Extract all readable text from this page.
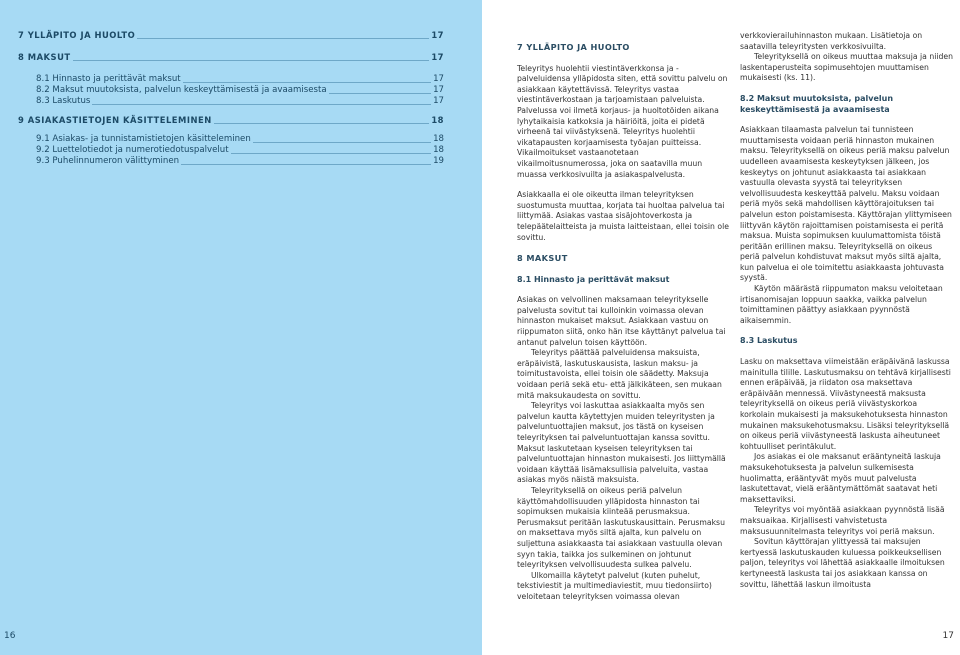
7 YLLÄPITO JA HUOLTO	17
8 MAKSUT	17
8.1 Hinnasto ja perittävät maksut	17
8.2 Maksut muutoksista, palvelun keskeyttämisestä ja avaamisesta	17
8.3 Laskutus	17
9 ASIAKASTIETOJEN KÄSITTELEMINEN	18
9.1 Asiakas- ja tunnistamistietojen käsitteleminen	18
9.2 Luettelotiedot ja numerotiedotuspalvelut	18
9.3 Puhelinnumeron välittyminen	19
16
7 YLLÄPITO JA HUOLTO

Teleyritys huolehtii viestintäverkkonsa ja -palveluidensa ylläpidosta siten, että sovittu palvelu on asiakkaan käytettävissä. Teleyritys vastaa viestintäverkostaan ja tarjoamistaan palveluista. Palvelussa voi ilmetä korjaus- ja huoltotöiden aikana lyhytaikaisia katkoksia ja häiriöitä, joita ei pidetä virheenä tai viivästyksenä. Teleyritys huolehtii vikatapausten korjaamisesta työajan puitteissa. Vikailmoitukset vastaanotetaan vikailmoitusnumerossa, joka on saatavilla muun muassa verkkosivuilta ja asiakaspalvelusta.

Asiakkaalla ei ole oikeutta ilman teleyrityksen suostumusta muuttaa, korjata tai huoltaa palvelua tai liittymää. Asiakas vastaa sisäjohtoverkosta ja telepäätelaitteista ja muista laitteistaan, ellei toisin ole sovittu.

8 MAKSUT
8.1 Hinnasto ja perittävät maksut

Asiakas on velvollinen maksamaan teleyritykselle palvelusta sovitut tai kulloinkin voimassa olevan hinnaston mukaiset maksut. Asiakkaan vastuu on riippumaton siitä, onko hän itse käyttänyt palvelua tai antanut palvelun toisen käyttöön.

Teleyritys päättää palveluidensa maksuista, eräpäivistä, laskutuskausista, laskun maksu- ja toimitustavoista, ellei toisin ole säädetty. Maksuja voidaan periä sekä etu- että jälkikäteen, sen mukaan mitä maksukaudesta on sovittu.

Teleyritys voi laskuttaa asiakkaalta myös sen palvelun kautta käytettyjen muiden teleyritysten ja palveluntuottajien maksut, jos tästä on kyseisen teleyrityksen tai palveluntuottajan kanssa sovittu. Maksut laskutetaan kyseisen teleyrityksen tai palveluntuottajan hinnaston mukaisesti. Jos liittymällä voidaan käyttää lisämaksullisia palveluita, vastaa asiakas myös näistä maksuista.

Teleyrityksellä on oikeus periä palvelun käyttömahdollisuuden ylläpidosta hinnaston tai sopimuksen mukaisia kiinteää perusmaksua. Perusmaksut peritään laskutuskausittain. Perusmaksu on maksettava myös siltä ajalta, kun palvelu on suljettuna asiakkaasta tai asiakkaan vastuulla olevan syyn takia, taikka jos sulkeminen on johtunut teleyrityksen velvollisuudesta sulkea palvelu.

Ulkomailla käytetyt palvelut (kuten puhelut, tekstiviestit ja multimediaviestit, muu tiedonsiirto) veloitetaan teleyrityksen voimassa olevan

verkkovierailuhinnaston mukaan. Lisätietoja on saatavilla teleyritysten verkkosivuilta.

Teleyrityksellä on oikeus muuttaa maksuja ja niiden laskentaperusteita sopimusehtojen muuttamisen mukaisesti (ks. 11).

8.2 Maksut muutoksista, palvelun keskeyttämisestä ja avaamisesta

Asiakkaan tilaamasta palvelun tai tunnisteen muuttamisesta voidaan periä hinnaston mukainen maksu. Teleyrityksellä on oikeus periä maksu palvelun uudelleen avaamisesta keskeytyksen jälkeen, jos keskeytys on johtunut asiakkaasta tai asiakkaan vastuulla olevasta syystä tai teleyrityksen velvollisuudesta keskeyttää palvelu. Maksu voidaan periä myös sekä mahdollisen käyttörajoituksen tai palvelun eston poistamisesta. Käyttörajan ylittymiseen liittyvän käytön rajoittamisen poistamisesta ei peritä maksua. Muista sopimuksen kuulumattomista töistä peritään erillinen maksu. Teleyrityksellä on oikeus periä palvelun kohdistuvat maksut myös siltä ajalta, kun palvelua ei ole toimitettu asiakkaasta johtuvasta syystä.

Käytön määrästä riippumaton maksu veloitetaan irtisanomisajan loppuun saakka, vaikka palvelun toimittaminen päättyy asiakkaan pyynnöstä aikaisemmin.

8.3 Laskutus

Lasku on maksettava viimeistään eräpäivänä laskussa mainitulla tilille. Laskutusmaksu on tehtävä kirjallisesti ennen eräpäivää, ja riidaton osa maksettava eräpäivään mennessä. Viivästyneestä maksusta teleyrityksellä on oikeus periä viivästyskorkoa korkolain mukaisesti ja maksukehotuksesta hinnaston mukainen maksukehotusmaksu. Lisäksi teleyrityksellä on oikeus periä viivästyneestä laskusta aiheutuneet kohtuulliset perintäkulut.

Jos asiakas ei ole maksanut erääntyneitä laskuja maksukehotuksesta ja palvelun sulkemisesta huolimatta, erääntyvät myös muut palvelusta laskutettavat, vielä erääntymättömät saatavat heti maksettaviksi.

Teleyritys voi myöntää asiakkaan pyynnöstä lisää maksuaikaa. Kirjallisesti vahvistetusta maksusuunnitelmasta teleyritys voi periä maksun.

Sovitun käyttörajan ylittyessä tai maksujen kertyessä laskutuskauden kuluessa poikkeuksellisen paljon, teleyritys voi lähettää asiakkaalle ilmoituksen kertyneestä laskusta tai jos asiakkaan kanssa on sovittu, lähettää laskun ilmoitusta

17
